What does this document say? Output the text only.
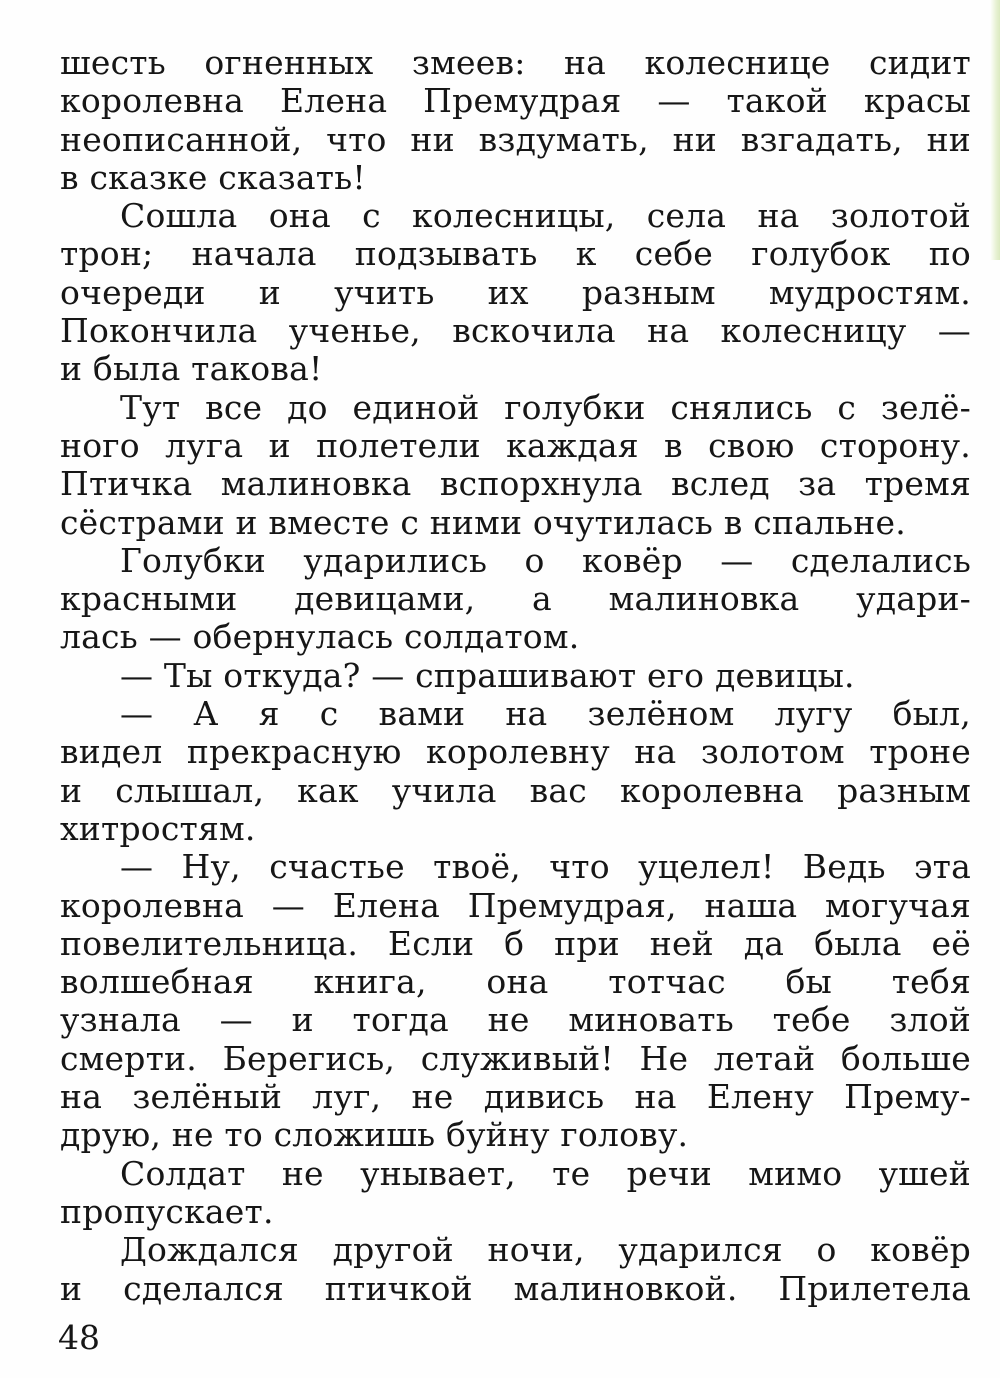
шесть огненных змеев: на колеснице сидит
королевна Елена Премудрая — такой красы
неописанной, что ни вздумать, ни взгадать, ни
в сказке сказать!
Сошла она с колесницы, села на золотой
трон; начала подзывать к себе голубок по
очереди и учить их разным мудростям.
Покончила ученье, вскочила на колесницу —
и была такова!
Тут все до единой голубки снялись с зелё-
ного луга и полетели каждая в свою сторону.
Птичка малиновка вспорхнула вслед за тремя
сёстрами и вместе с ними очутилась в спальне.
Голубки ударились о ковёр — сделались
красными девицами, а малиновка удари-
лась — обернулась солдатом.
— Ты откуда? — спрашивают его девицы.
— А я с вами на зелёном лугу был,
видел прекрасную королевну на золотом троне
и слышал, как учила вас королевна разным
хитростям.
— Ну, счастье твоё, что уцелел! Ведь эта
королевна — Елена Премудрая, наша могучая
повелительница. Если б при ней да была её
волшебная книга, она тотчас бы тебя
узнала — и тогда не миновать тебе злой
смерти. Берегись, служивый! Не летай больше
на зелёный луг, не дивись на Елену Прему-
друю, не то сложишь буйну голову.
Солдат не унывает, те речи мимо ушей
пропускает.
Дождался другой ночи, ударился о ковёр
и сделался птичкой малиновкой. Прилетела
48
